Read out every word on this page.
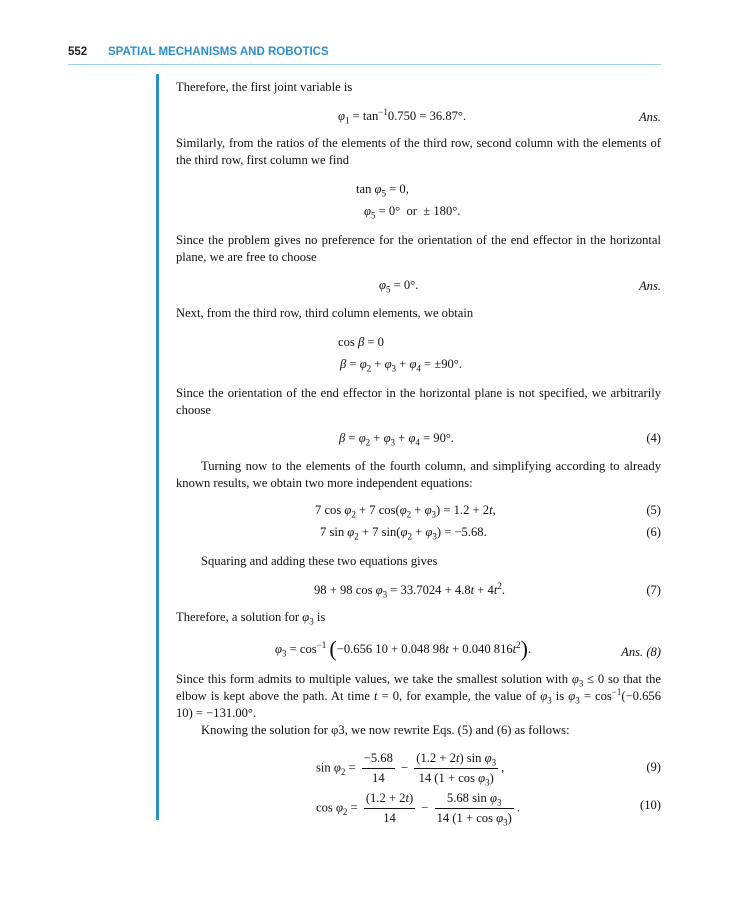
552 SPATIAL MECHANISMS AND ROBOTICS
Therefore, the first joint variable is
$\varphi_1 = \tan^{-1}0.750 = 36.87^\circ$.	Ans.
Similarly, from the ratios of the elements of the third row, second column with the elements of the third row, first column we find
$\tan \varphi_5 = 0$,
$\varphi_5 = 0^\circ$  or  ± 180°.
Since the problem gives no preference for the orientation of the end effector in the horizontal plane, we are free to choose
$\varphi_5 = 0^\circ$.	Ans.
Next, from the third row, third column elements, we obtain
cos β = 0
$\beta = \varphi_2 + \varphi_3 + \varphi_4 = \pm 90^\circ$.
Since the orientation of the end effector in the horizontal plane is not specified, we arbitrarily choose
$\beta = \varphi_2 + \varphi_3 + \varphi_4 = 90^\circ$.	(4)
Turning now to the elements of the fourth column, and simplifying according to already known results, we obtain two more independent equations:
7 $\cos \varphi_2 + 7$ $\cos(\varphi_2 + \varphi_3) = 1.2 + 2t$,	(5)
7 $\sin \varphi_2 + 7$ $\sin(\varphi_2 + \varphi_3) = -5.68$.	(6)
Squaring and adding these two equations gives
98 + 98 $\cos \varphi_3 = 33.7024 + 4.8t + 4t^2$.	(7)
Therefore, a solution for $\varphi_3$ is
$\varphi_3 = \cos^{-1} (-0.656$ 10 + 0.048 98t + 0.040 $816t^2$).	Ans. (8)
Since this form admits to multiple values, we take the smallest solution with $\varphi_3 \le 0$ so that the elbow is kept above the path. At time t = 0, for example, the value of $\varphi_3$ is $\varphi_3 = \cos^{-1}(-0.656$ 10) = −131.00°.
Knowing the solution for φ3, we now rewrite Eqs. (5) and (6) as follows:
$\sin \varphi_2 = \frac{-5.68}{14} - \frac{(1.2 + 2t) \sin \varphi_3}{14 (1 + \cos \varphi_3)}$ ,	(9)
$\cos \varphi_2 = \frac{(1.2 + 2t)}{14} - \frac{5.68 \sin \varphi_3}{14 (1 + \cos \varphi_3)}$ .	(10)
